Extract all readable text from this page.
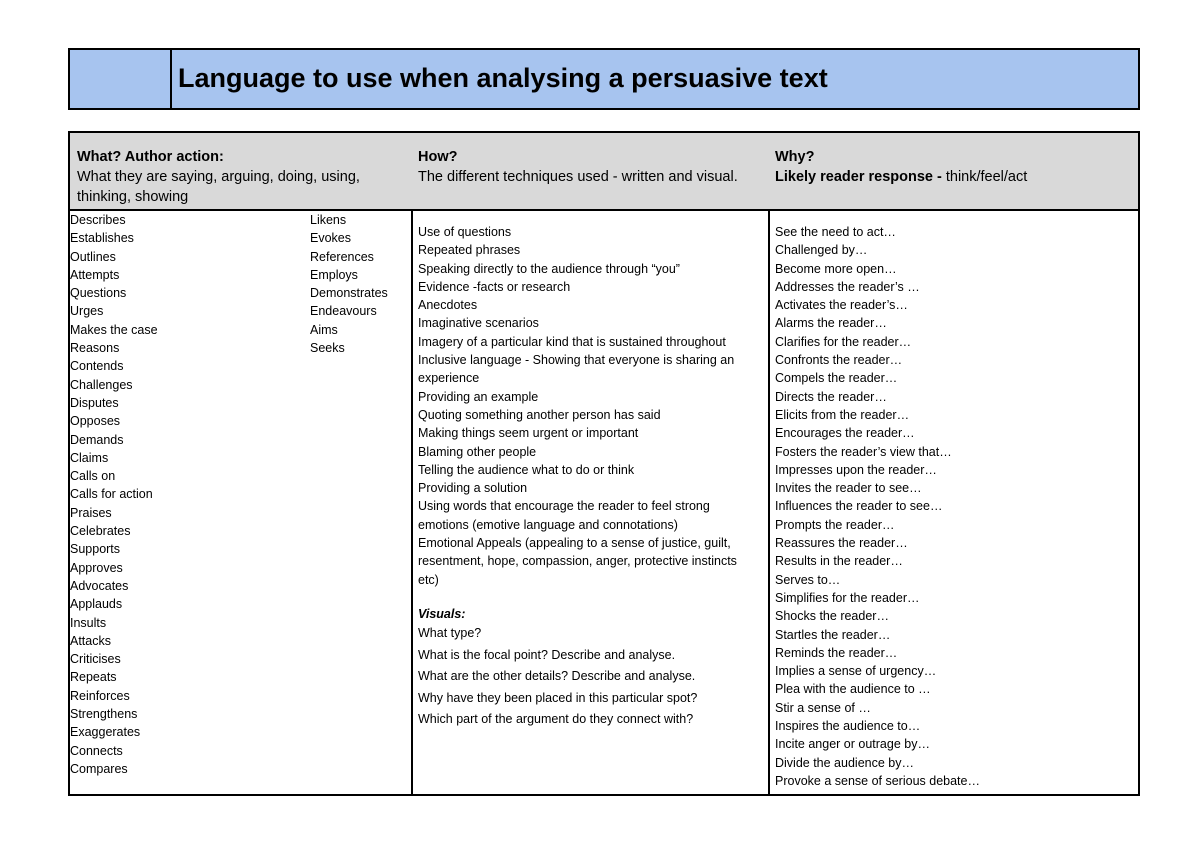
Language to use when analysing a persuasive text
What? Author action:
What they are saying, arguing, doing, using, thinking, showing
Describes
Establishes
Outlines
Attempts
Questions
Urges
Makes the case
Reasons
Contends
Challenges
Disputes
Opposes
Demands
Claims
Calls on
Calls for action
Praises
Celebrates
Supports
Approves
Advocates
Applauds
Insults
Attacks
Criticises
Repeats
Reinforces
Strengthens
Exaggerates
Connects
Compares
Likens
Evokes
References
Employs
Demonstrates
Endeavours
Aims
Seeks
How?
The different techniques used - written and visual.
Use of questions
Repeated phrases
Speaking directly to the audience through “you”
Evidence -facts or research
Anecdotes
Imaginative scenarios
Imagery of a particular kind that is sustained throughout
Inclusive language - Showing that everyone is sharing an experience
Providing an example
Quoting something another person has said
Making things seem urgent or important
Blaming other people
Telling the audience what to do or think
Providing a solution
Using words that encourage the reader to feel strong emotions (emotive language and connotations)
Emotional Appeals (appealing to a sense of justice, guilt, resentment, hope, compassion, anger, protective instincts etc)
Visuals:
What type?
What is the focal point? Describe and analyse.
What are the other details? Describe and analyse.
Why have they been placed in this particular spot?
Which part of the argument do they connect with?
Why?
Likely reader response - think/feel/act
See the need to act…
Challenged by…
Become more open…
Addresses the reader’s …
Activates the reader’s…
Alarms the reader…
Clarifies for the reader…
Confronts the reader…
Compels the reader…
Directs the reader…
Elicits from the reader…
Encourages the reader…
Fosters the reader’s view that…
Impresses upon the reader…
Invites the reader to see…
Influences the reader to see…
Prompts the reader…
Reassures the reader…
Results in the reader…
Serves to…
Simplifies for the reader…
Shocks the reader…
Startles the reader…
Reminds the reader…
Implies a sense of urgency…
Plea with the audience to …
Stir a sense of …
Inspires the audience to…
Incite anger or outrage by…
Divide the audience by…
Provoke a sense of serious debate…
